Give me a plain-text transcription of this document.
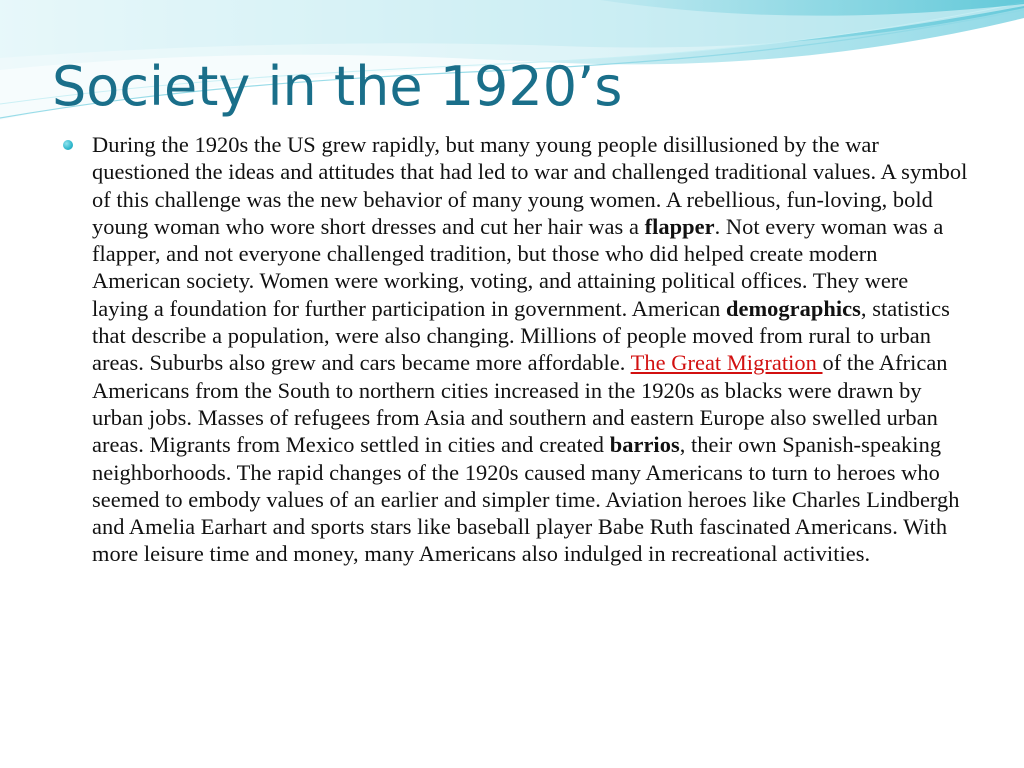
Society in the 1920’s

During the 1920s the US grew rapidly, but many young people disillusioned by the war questioned the ideas and attitudes that had led to war and challenged traditional values. A symbol of this challenge was the new behavior of many young women. A rebellious, fun-loving, bold young woman who wore short dresses and cut her hair was a flapper. Not every woman was a flapper, and not everyone challenged tradition, but those who did helped create modern American society. Women were working, voting, and attaining political offices. They were laying a foundation for further participation in government. American demographics, statistics that describe a population, were also changing. Millions of people moved from rural to urban areas. Suburbs also grew and cars became more affordable. The Great Migration of the African Americans from the South to northern cities increased in the 1920s as blacks were drawn by urban jobs. Masses of refugees from Asia and southern and eastern Europe also swelled urban areas. Migrants from Mexico settled in cities and created barrios, their own Spanish-speaking neighborhoods. The rapid changes of the 1920s caused many Americans to turn to heroes who seemed to embody values of an earlier and simpler time. Aviation heroes like Charles Lindbergh and Amelia Earhart and sports stars like baseball player Babe Ruth fascinated Americans. With more leisure time and money, many Americans also indulged in recreational activities.
